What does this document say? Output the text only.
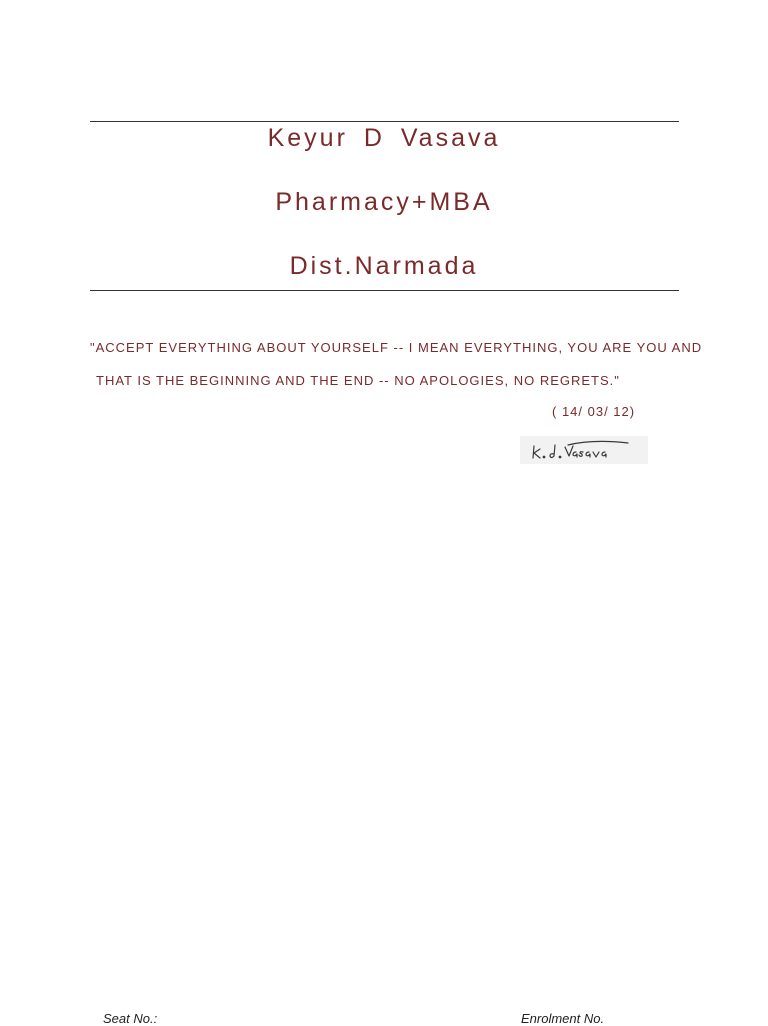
Keyur D Vasava
Pharmacy+MBA
Dist.Narmada
"ACCEPT EVERYTHING ABOUT YOURSELF -- I MEAN EVERYTHING, YOU ARE YOU AND
THAT IS THE BEGINNING AND THE END -- NO APOLOGIES, NO REGRETS."
( 14/ 03/ 12)
Seat No.:	Enrolment No.
